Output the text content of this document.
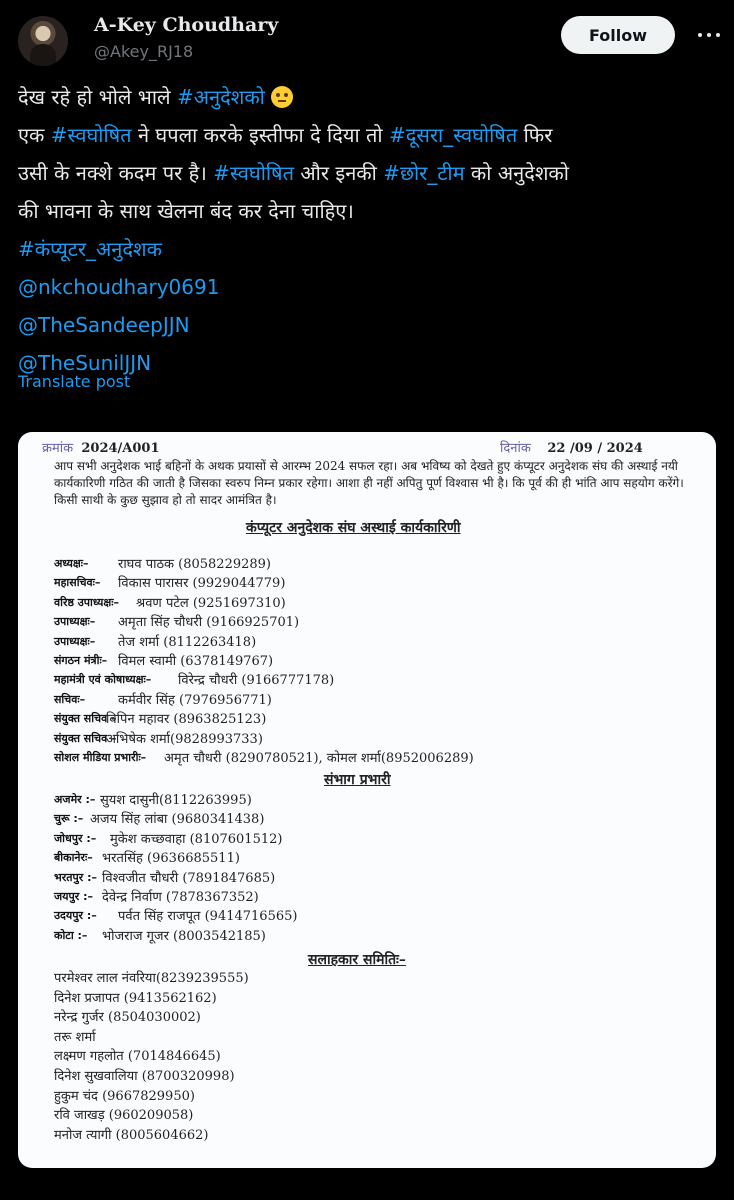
A-Key Choudhary
@Akey_RJ18
Follow
देख रहे हो भोले भाले #अनुदेशको
एक #स्वघोषित ने घपला करके इस्तीफा दे दिया तो #दूसरा_स्वघोषित फिर
उसी के नक्शे कदम पर है। #स्वघोषित और इनकी #छोर_टीम को अनुदेशको
की भावना के साथ खेलना बंद कर देना चाहिए।
#कंप्यूटर_अनुदेशक
@nkchoudhary0691
@TheSandeepJJN
@TheSunilJJN
Translate post
क्रमांक 2024/A001	दिनांक 22 /09 / 2024
आप सभी अनुदेशक भाई बहिनों के अथक प्रयासों से आरम्भ 2024 सफल रहा। अब भविष्य को देखते हुए कंप्यूटर अनुदेशक संघ की अस्थाई नयी कार्यकारिणी गठित की जाती है जिसका स्वरुप निम्न प्रकार रहेगा। आशा ही नहीं अपितु पूर्ण विश्वास भी है। कि पूर्व की ही भांति आप सहयोग करेंगे। किसी साथी के कुछ सुझाव हो तो सादर आमंत्रित है।
कंप्यूटर अनुदेशक संघ अस्थाई कार्यकारिणी
संभाग प्रभारी
सलाहकार समितिः–
अध्यक्षः– राघव पाठक (8058229289)
महासचिवः– विकास पारासर (9929044779)
वरिष्ठ उपाध्यक्षः– श्रवण पटेल (9251697310)
उपाध्यक्षः– अमृता सिंह चौधरी (9166925701)
उपाध्यक्षः– तेज शर्मा (8112263418)
संगठन मंत्रीः– विमल स्वामी (6378149767)
महामंत्री एवं कोषाध्यक्षः– विरेन्द्र चौधरी (9166777178)
सचिवः–	कर्मवीर सिंह (7976956771)
संयुक्त सचिव –
विपिन महावर (8963825123)
संयुक्त सचिव –
अभिषेक शर्मा(9828993733)
सोशल मीडिया प्रभारीः– अमृत चौधरी (8290780521), कोमल शर्मा(8952006289)
अजमेर :– सुयश दासुनी(8112263995)
चुरू :– अजय सिंह लांबा (9680341438)
जोधपुर :– मुकेश कच्छवाहा (8107601512)
बीकानेरः– भरतसिंह (9636685511)
भरतपुर :– विश्वजीत चौधरी (7891847685)
जयपुर :– देवेन्द्र निर्वाण (7878367352)
उदयपुर :– पर्वत सिंह राजपूत (9414716565)
कोटा :– भोजराज गूजर (8003542185)
परमेश्वर लाल नंवरिया(8239239555)
दिनेश प्रजापत (9413562162)
नरेन्द्र गुर्जर (8504030002)
तरू शर्मा
लक्ष्मण गहलोत (7014846645)
दिनेश सुखवालिया (8700320998)
हुकुम चंद (9667829950)
रवि जाखड़ (960209058)
मनोज त्यागी (8005604662)
